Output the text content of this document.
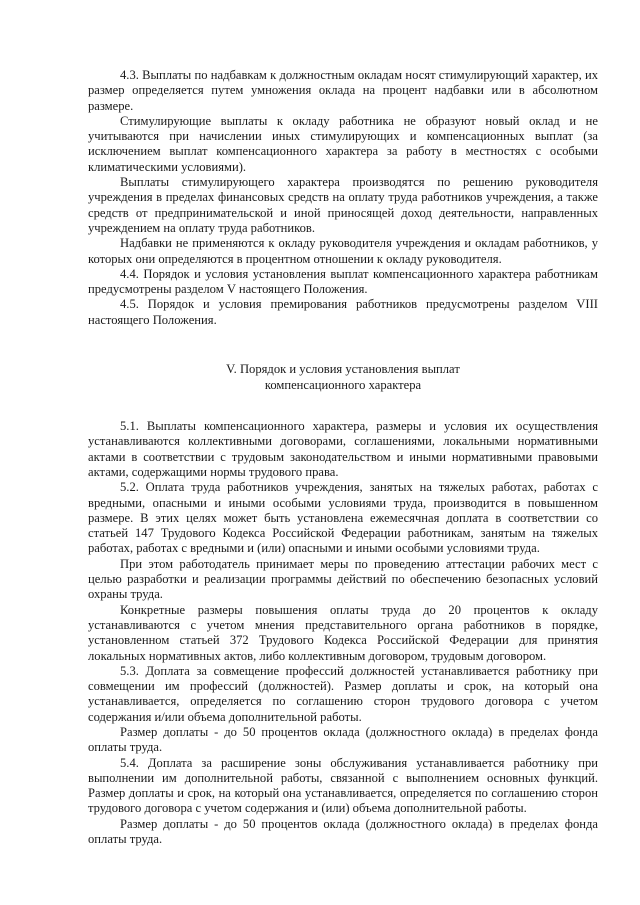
4.3. Выплаты по надбавкам к должностным окладам носят стимулирующий характер, их размер определяется путем умножения оклада на процент надбавки или в абсолютном размере.

Стимулирующие выплаты к окладу работника не образуют новый оклад и не учитываются при начислении иных стимулирующих и компенсационных выплат (за исключением выплат компенсационного характера за работу в местностях с особыми климатическими условиями).

Выплаты стимулирующего характера производятся по решению руководителя учреждения в пределах финансовых средств на оплату труда работников учреждения, а также средств от предпринимательской и иной приносящей доход деятельности, направленных учреждением на оплату труда работников.

Надбавки не применяются к окладу руководителя учреждения и окладам работников, у которых они определяются в процентном отношении к окладу руководителя.

4.4. Порядок и условия установления выплат компенсационного характера работникам предусмотрены разделом V настоящего Положения.

4.5. Порядок и условия премирования работников предусмотрены разделом VIII настоящего Положения.

V. Порядок и условия установления выплат
компенсационного характера

5.1. Выплаты компенсационного характера, размеры и условия их осуществления устанавливаются коллективными договорами, соглашениями, локальными нормативными актами в соответствии с трудовым законодательством и иными нормативными правовыми актами, содержащими нормы трудового права.

5.2. Оплата труда работников учреждения, занятых на тяжелых работах, работах с вредными, опасными и иными особыми условиями труда, производится в повышенном размере. В этих целях может быть установлена ежемесячная доплата в соответствии со статьей 147 Трудового Кодекса Российской Федерации работникам, занятым на тяжелых работах, работах с вредными и (или) опасными и иными особыми условиями труда.

При этом работодатель принимает меры по проведению аттестации рабочих мест с целью разработки и реализации программы действий по обеспечению безопасных условий охраны труда.

Конкретные размеры повышения оплаты труда до 20 процентов к окладу устанавливаются с учетом мнения представительного органа работников в порядке, установленном статьей 372 Трудового Кодекса Российской Федерации для принятия локальных нормативных актов, либо коллективным договором, трудовым договором.

5.3. Доплата за совмещение профессий должностей устанавливается работнику при совмещении им профессий (должностей). Размер доплаты и срок, на который она устанавливается, определяется по соглашению сторон трудового договора с учетом содержания и/или объема дополнительной работы.

Размер доплаты - до 50 процентов оклада (должностного оклада) в пределах фонда оплаты труда.

5.4. Доплата за расширение зоны обслуживания устанавливается работнику при выполнении им дополнительной работы, связанной с выполнением основных функций. Размер доплаты и срок, на который она устанавливается, определяется по соглашению сторон трудового договора с учетом содержания и (или) объема дополнительной работы.

Размер доплаты - до 50 процентов оклада (должностного оклада) в пределах фонда оплаты труда.
